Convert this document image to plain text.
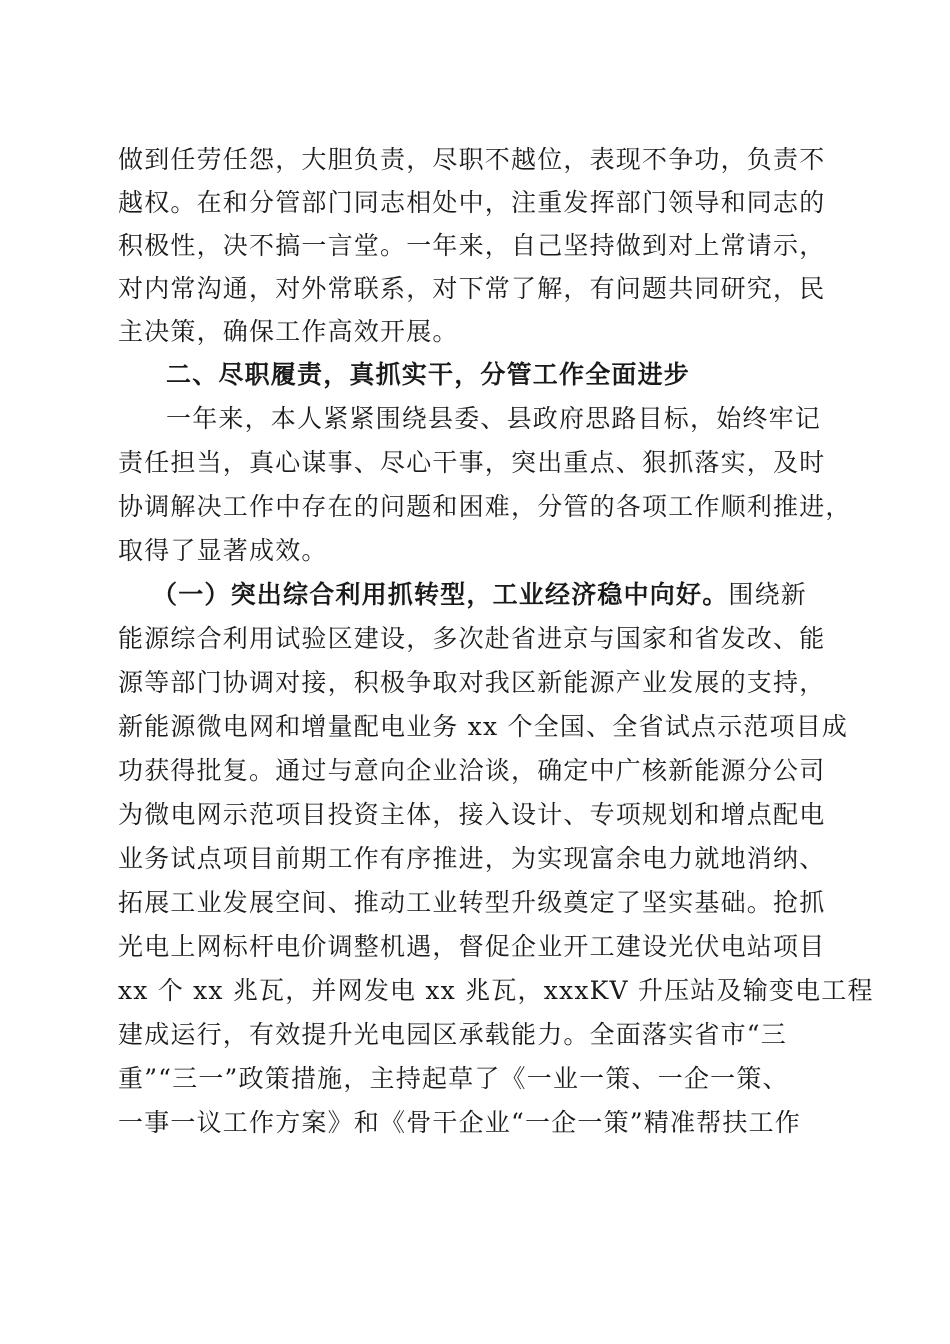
做到任劳任怨，大胆负责，尽职不越位，表现不争功，负责不
越权。在和分管部门同志相处中，注重发挥部门领导和同志的
积极性，决不搞一言堂。一年来，自己坚持做到对上常请示，
对内常沟通，对外常联系，对下常了解，有问题共同研究，民
主决策，确保工作高效开展。
二、尽职履责，真抓实干，分管工作全面进步
一年来，本人紧紧围绕县委、县政府思路目标，始终牢记
责任担当，真心谋事、尽心干事，突出重点、狠抓落实，及时
协调解决工作中存在的问题和困难，分管的各项工作顺利推进，
取得了显著成效。
（一）突出综合利用抓转型，工业经济稳中向好。围绕新
能源综合利用试验区建设，多次赴省进京与国家和省发改、能
源等部门协调对接，积极争取对我区新能源产业发展的支持，
新能源微电网和增量配电业务 xx 个全国、全省试点示范项目成
功获得批复。通过与意向企业洽谈，确定中广核新能源分公司
为微电网示范项目投资主体，接入设计、专项规划和增点配电
业务试点项目前期工作有序推进，为实现富余电力就地消纳、
拓展工业发展空间、推动工业转型升级奠定了坚实基础。抢抓
光电上网标杆电价调整机遇，督促企业开工建设光伏电站项目
xx 个 xx 兆瓦，并网发电 xx 兆瓦，xxxKV 升压站及输变电工程
建成运行，有效提升光电园区承载能力。全面落实省市“三
重”“三一”政策措施，主持起草了《一业一策、一企一策、
一事一议工作方案》和《骨干企业“一企一策”精准帮扶工作
